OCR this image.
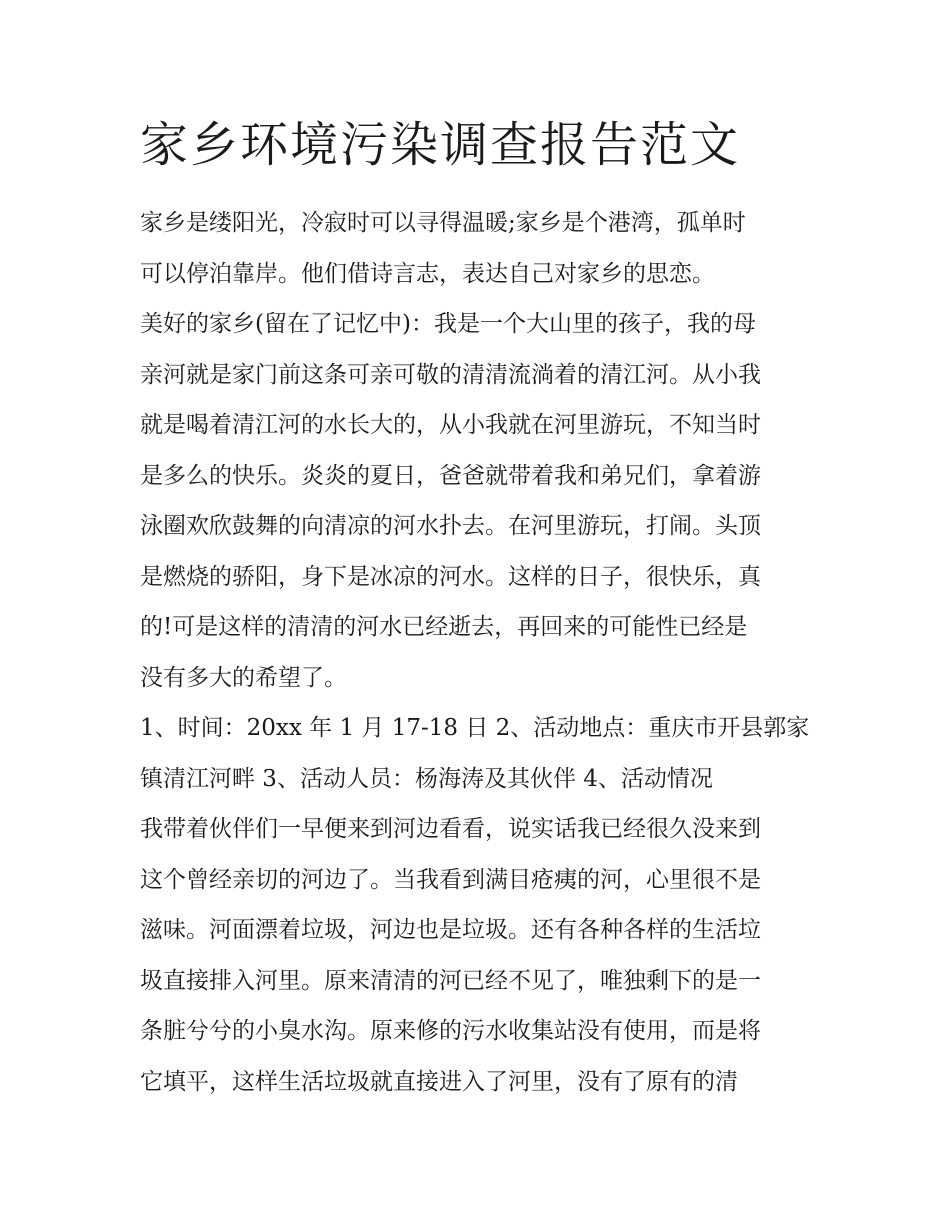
家乡环境污染调查报告范文

家乡是缕阳光，冷寂时可以寻得温暖;家乡是个港湾，孤单时

可以停泊靠岸。他们借诗言志，表达自己对家乡的思恋。

美好的家乡(留在了记忆中)：我是一个大山里的孩子，我的母

亲河就是家门前这条可亲可敬的清清流淌着的清江河。从小我

就是喝着清江河的水长大的，从小我就在河里游玩，不知当时

是多么的快乐。炎炎的夏日，爸爸就带着我和弟兄们，拿着游

泳圈欢欣鼓舞的向清凉的河水扑去。在河里游玩，打闹。头顶

是燃烧的骄阳，身下是冰凉的河水。这样的日子，很快乐，真

的!可是这样的清清的河水已经逝去，再回来的可能性已经是

没有多大的希望了。

1、时间：20xx 年 1 月 17-18 日 2、活动地点：重庆市开县郭家

镇清江河畔 3、活动人员：杨海涛及其伙伴 4、活动情况

我带着伙伴们一早便来到河边看看，说实话我已经很久没来到

这个曾经亲切的河边了。当我看到满目疮痍的河，心里很不是

滋味。河面漂着垃圾，河边也是垃圾。还有各种各样的生活垃

圾直接排入河里。原来清清的河已经不见了，唯独剩下的是一

条脏兮兮的小臭水沟。原来修的污水收集站没有使用，而是将

它填平，这样生活垃圾就直接进入了河里，没有了原有的清
